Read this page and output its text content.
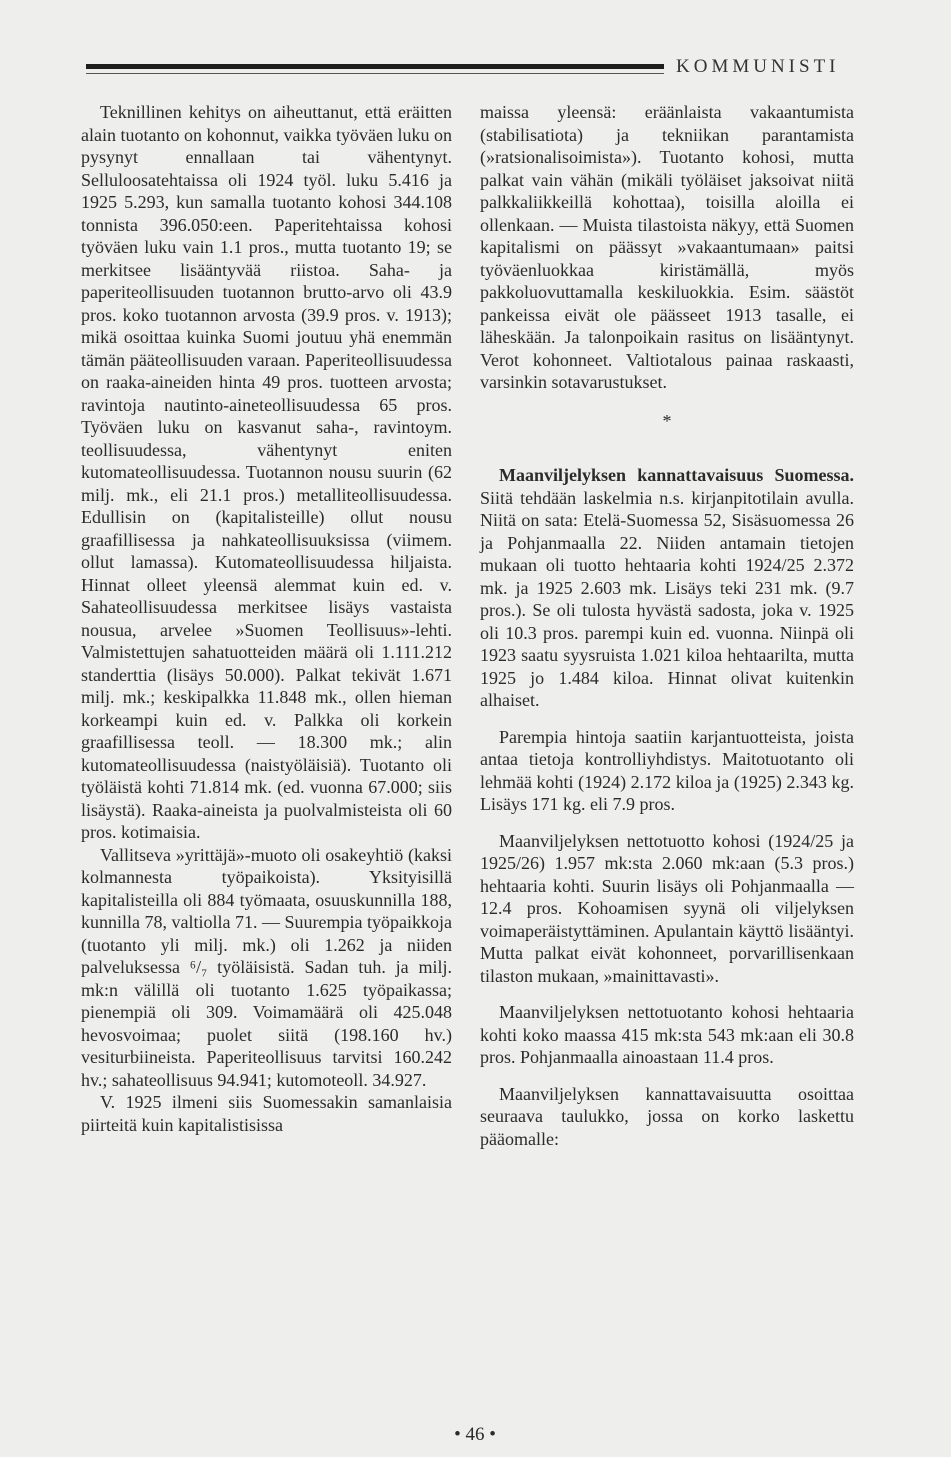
KOMMUNISTI

Teknillinen kehitys on aiheuttanut, että eräitten alain tuotanto on kohonnut, vaikka työväen luku on pysynyt ennallaan tai vähentynyt. Selluloosatehtaissa oli 1924 työl. luku 5.416 ja 1925 5.293, kun samalla tuotanto kohosi 344.108 tonnista 396.050:een. Paperitehtaissa kohosi työväen luku vain 1.1 pros., mutta tuotanto 19; se merkitsee lisääntyvää riistoa. Saha- ja paperiteollisuuden tuotannon brutto-arvo oli 43.9 pros. koko tuotannon arvosta (39.9 pros. v. 1913); mikä osoittaa kuinka Suomi joutuu yhä enemmän tämän pääteollisuuden varaan. Paperiteollisuudessa on raaka-aineiden hinta 49 pros. tuotteen arvosta; ravintoja nautinto-aineteollisuudessa 65 pros. Työväen luku on kasvanut saha-, ravintoym. teollisuudessa, vähentynyt eniten kutomateollisuudessa. Tuotannon nousu suurin (62 milj. mk., eli 21.1 pros.) metalliteollisuudessa. Edullisin on (kapitalisteille) ollut nousu graafillisessa ja nahkateollisuuksissa (viimem. ollut lamassa). Kutomateollisuudessa hiljaista. Hinnat olleet yleensä alemmat kuin ed. v. Sahateollisuudessa merkitsee lisäys vastaista nousua, arvelee »Suomen Teollisuus»-lehti. Valmistettujen sahatuotteiden määrä oli 1.111.212 standerttia (lisäys 50.000). Palkat tekivät 1.671 milj. mk.; keskipalkka 11.848 mk., ollen hieman korkeampi kuin ed. v. Palkka oli korkein graafillisessa teoll. — 18.300 mk.; alin kutomateollisuudessa (naistyöläisiä). Tuotanto oli työläistä kohti 71.814 mk. (ed. vuonna 67.000; siis lisäystä). Raaka-aineista ja puolvalmisteista oli 60 pros. kotimaisia.

Vallitseva »yrittäjä»-muoto oli osakeyhtiö (kaksi kolmannesta työpaikoista). Yksityisillä kapitalisteilla oli 884 työmaata, osuuskunnilla 188, kunnilla 78, valtiolla 71. — Suurempia työpaikkoja (tuotanto yli milj. mk.) oli 1.262 ja niiden palveluksessa ⁶/₇ työläisistä. Sadan tuh. ja milj. mk:n välillä oli tuotanto 1.625 työpaikassa; pienempiä oli 309. Voimamäärä oli 425.048 hevosvoimaa; puolet siitä (198.160 hv.) vesiturbiineista. Paperiteollisuus tarvitsi 160.242 hv.; sahateollisuus 94.941; kutomoteoll. 34.927.

V. 1925 ilmeni siis Suomessakin samanlaisia piirteitä kuin kapitalistisissa

maissa yleensä: eräänlaista vakaantumista (stabilisatiota) ja tekniikan parantamista (»ratsionalisoimista»). Tuotanto kohosi, mutta palkat vain vähän (mikäli työläiset jaksoivat niitä palkkaliikkeillä kohottaa), toisilla aloilla ei ollenkaan. — Muista tilastoista näkyy, että Suomen kapitalismi on päässyt »vakaantumaan» paitsi työväenluokkaa kiristämällä, myös pakkoluovuttamalla keskiluokkia. Esim. säästöt pankeissa eivät ole päässeet 1913 tasalle, ei läheskään. Ja talonpoikain rasitus on lisääntynyt. Verot kohonneet. Valtiotalous painaa raskaasti, varsinkin sotavarustukset.

*

Maanviljelyksen kannattavaisuus Suomessa. Siitä tehdään laskelmia n.s. kirjanpitotilain avulla. Niitä on sata: Etelä-Suomessa 52, Sisäsuomessa 26 ja Pohjanmaalla 22. Niiden antamain tietojen mukaan oli tuotto hehtaaria kohti 1924/25 2.372 mk. ja 1925 2.603 mk. Lisäys teki 231 mk. (9.7 pros.). Se oli tulosta hyvästä sadosta, joka v. 1925 oli 10.3 pros. parempi kuin ed. vuonna. Niinpä oli 1923 saatu syysruista 1.021 kiloa hehtaarilta, mutta 1925 jo 1.484 kiloa. Hinnat olivat kuitenkin alhaiset.

Parempia hintoja saatiin karjantuotteista, joista antaa tietoja kontrolliyhdistys. Maitotuotanto oli lehmää kohti (1924) 2.172 kiloa ja (1925) 2.343 kg. Lisäys 171 kg. eli 7.9 pros.

Maanviljelyksen nettotuotto kohosi (1924/25 ja 1925/26) 1.957 mk:sta 2.060 mk:aan (5.3 pros.) hehtaaria kohti. Suurin lisäys oli Pohjanmaalla — 12.4 pros. Kohoamisen syynä oli viljelyksen voimaperäistyttäminen. Apulantain käyttö lisääntyi. Mutta palkat eivät kohonneet, porvarillisenkaan tilaston mukaan, »mainittavasti».

Maanviljelyksen nettotuotanto kohosi hehtaaria kohti koko maassa 415 mk:sta 543 mk:aan eli 30.8 pros. Pohjanmaalla ainoastaan 11.4 pros.

Maanviljelyksen kannattavaisuutta osoittaa seuraava taulukko, jossa on korko laskettu pääomalle:

• 46 •
